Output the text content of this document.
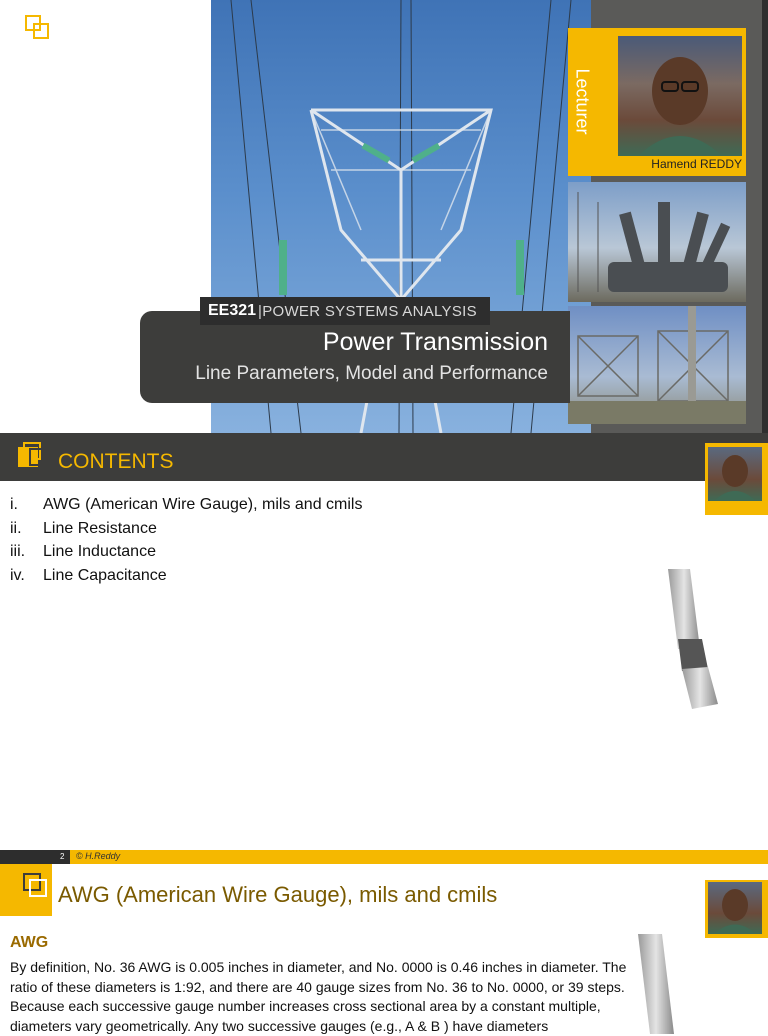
Lecturer
Hamend REDDY
EE321 |POWER SYSTEMS ANALYSIS
Power Transmission
Line Parameters, Model and Performance
CONTENTS
i. AWG (American Wire Gauge), mils and cmils
ii. Line Resistance
iii. Line Inductance
iv. Line Capacitance
2 © H.Reddy
AWG (American Wire Gauge), mils and cmils
AWG
By definition, No. 36 AWG is 0.005 inches in diameter, and No. 0000 is 0.46 inches in diameter. The ratio of these diameters is 1:92, and there are 40 gauge sizes from No. 36 to No. 0000, or 39 steps. Because each successive gauge number increases cross sectional area by a constant multiple, diameters vary geometrically. Any two successive gauges (e.g., A & B ) have diameters
